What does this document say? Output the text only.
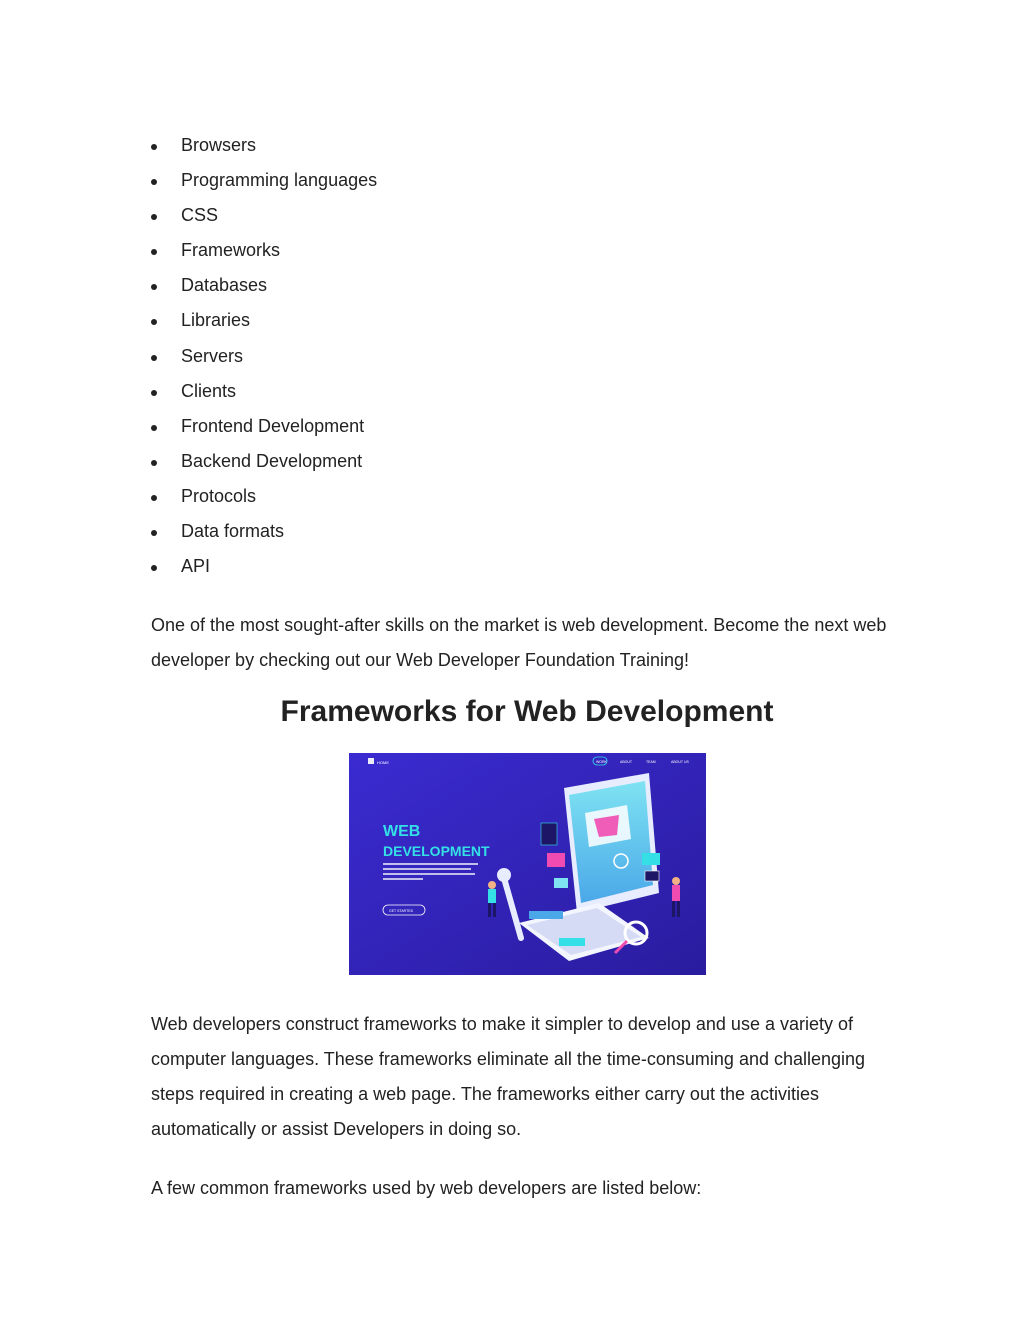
Browsers
Programming languages
CSS
Frameworks
Databases
Libraries
Servers
Clients
Frontend Development
Backend Development
Protocols
Data formats
API

One of the most sought-after skills on the market is web development. Become the next web developer by checking out our Web Developer Foundation Training!

Frameworks for Web Development
HOME	WORK	ABOUT	TEAM	ABOUT US
WEB
DEVELOPMENT
GET STARTED

Web developers construct frameworks to make it simpler to develop and use a variety of computer languages. These frameworks eliminate all the time-consuming and challenging steps required in creating a web page. The frameworks either carry out the activities automatically or assist Developers in doing so.

A few common frameworks used by web developers are listed below:
